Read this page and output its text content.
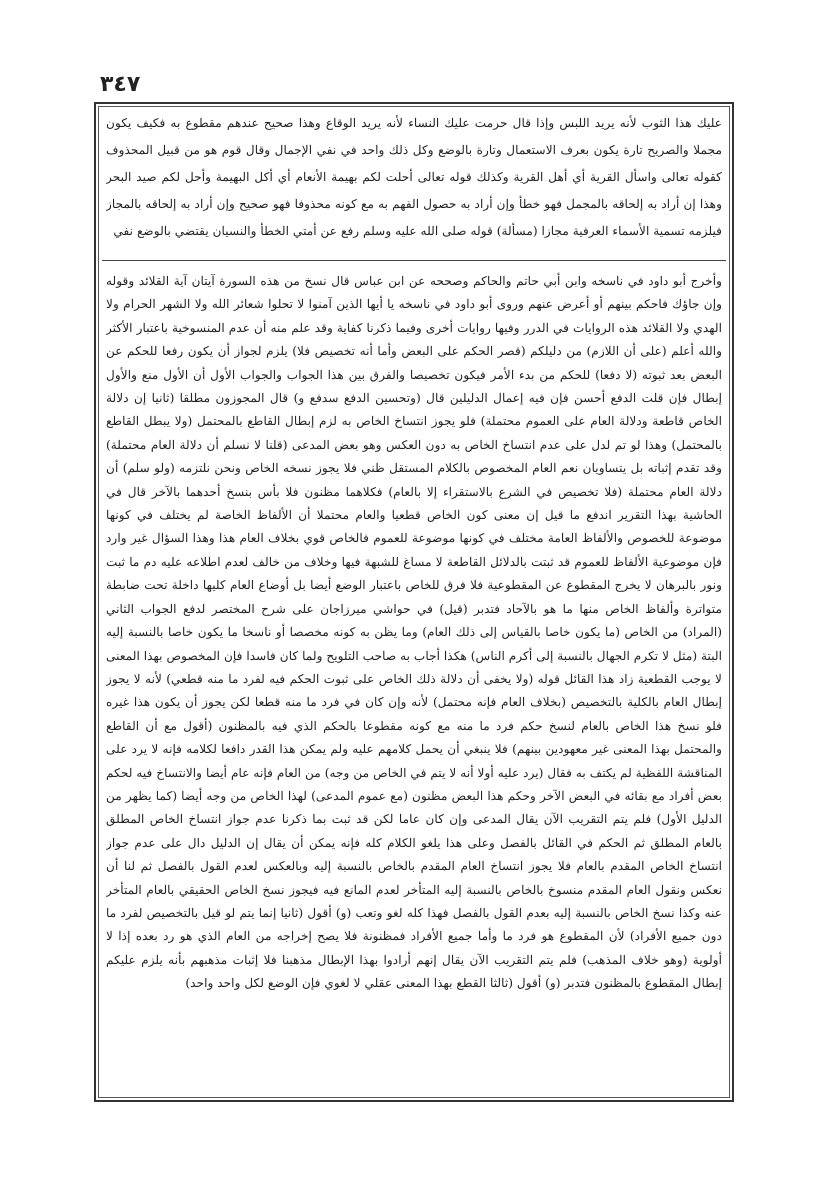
٣٤٧

عليك هذا الثوب لأنه يريد اللبس وإذا قال حرمت عليك النساء لأنه يريد الوقاع وهذا صحيح عندهم مقطوع به فكيف يكون مجملا والصريح تارة يكون بعرف الاستعمال وتارة بالوضع وكل ذلك واحد في نفي الإجمال وقال قوم هو من قبيل المحذوف كقوله تعالى واسأل القرية أي أهل القرية وكذلك قوله تعالى أحلت لكم بهيمة الأنعام أي أكل البهيمة وأحل لكم صيد البحر وهذا إن أراد به إلحاقه بالمجمل فهو خطأ وإن أراد به حصول الفهم به مع كونه محذوفا فهو صحيح وإن أراد به إلحاقه بالمجاز فيلزمه تسمية الأسماء العرفية مجازا (مسألة) قوله صلى الله عليه وسلم رفع عن أمتي الخطأ والنسيان يقتضي بالوضع نفي

وأخرج أبو داود في ناسخه وابن أبي حاتم والحاكم وصححه عن ابن عباس قال نسخ من هذه السورة آيتان آية القلائد وقوله وإن جاؤك فاحكم بينهم أو أعرض عنهم وروى أبو داود في ناسخه يا أيها الذين آمنوا لا تحلوا شعائر الله ولا الشهر الحرام ولا الهدي ولا القلائد هذه الروايات في الدرر وفيها روايات أخرى وفيما ذكرنا كفاية وقد علم منه أن عدم المنسوخية باعتبار الأكثر والله أعلم (على أن اللازم) من دليلكم (قصر الحكم على البعض وأما أنه تخصيص فلا) يلزم لجواز أن يكون رفعا للحكم عن البعض بعد ثبوته (لا دفعا) للحكم من بدء الأمر فيكون تخصيصا والفرق بين هذا الجواب والجواب الأول أن الأول منع والأول إبطال فإن قلت الدفع أحسن فإن فيه إعمال الدليلين قال (وتحسين الدفع سدفع و) قال المجوزون مطلقا (ثانيا إن دلالة الخاص قاطعة ودلالة العام على العموم محتملة) فلو يجوز انتساخ الخاص به لزم إبطال القاطع بالمحتمل (ولا يبطل القاطع بالمحتمل) وهذا لو تم لدل على عدم انتساخ الخاص به دون العكس وهو بعض المدعى (قلنا لا نسلم أن دلالة العام محتملة) وقد تقدم إثباته بل يتساويان نعم العام المخصوص بالكلام المستقل ظني فلا يجوز نسخه الخاص ونحن نلتزمه (ولو سلم) أن دلالة العام محتملة (فلا تخصيص في الشرع بالاستقراء إلا بالعام) فكلاهما مظنون فلا بأس بنسخ أحدهما بالآخر قال في الحاشية بهذا التقرير اندفع ما قيل إن معنى كون الخاص قطعيا والعام محتملا أن الألفاظ الخاصة لم يختلف في كونها موضوعة للخصوص والألفاظ العامة مختلف في كونها موضوعة للعموم فالخاص قوي بخلاف العام هذا وهذا السؤال غير وارد فإن موضوعية الألفاظ للعموم قد ثبتت بالدلائل القاطعة لا مساغ للشبهة فيها وخلاف من خالف لعدم اطلاعه عليه دم ما ثبت ونور بالبرهان لا يخرج المقطوع عن المقطوعية فلا فرق للخاص باعتبار الوضع أيضا بل أوضاع العام كليها داخلة تحت ضابطة متواترة وألفاظ الخاص منها ما هو بالآحاد فتدبر (قيل) في حواشي ميرزاجان على شرح المختصر لدفع الجواب الثاني (المراد) من الخاص (ما يكون خاصا بالقياس إلى ذلك العام) وما يظن به كونه مخصصا أو ناسخا ما يكون خاصا بالنسبة إليه البتة (مثل لا تكرم الجهال بالنسبة إلى أكرم الناس) هكذا أجاب به صاحب التلويح ولما كان فاسدا فإن المخصوص بهذا المعنى لا يوجب القطعية زاد هذا القائل قوله (ولا يخفى أن دلالة ذلك الخاص على ثبوت الحكم فيه لفرد ما منه قطعي) لأنه لا يجوز إبطال العام بالكلية بالتخصيص (بخلاف العام فإنه محتمل) لأنه وإن كان في فرد ما منه قطعا لكن يجوز أن يكون هذا غيره فلو نسخ هذا الخاص بالعام لنسخ حكم فرد ما منه مع كونه مقطوعا بالحكم الذي فيه بالمظنون (أقول مع أن القاطع والمحتمل بهذا المعنى غير معهودين بينهم) فلا ينبغي أن يحمل كلامهم عليه ولم يمكن هذا القدر دافعا لكلامه فإنه لا يرد على المناقشة اللفظية لم يكتف به فقال (يرد عليه أولا أنه لا يتم في الخاص من وجه) من العام فإنه عام أيضا والانتساخ فيه لحكم بعض أفراد مع بقائه في البعض الآخر وحكم هذا البعض مظنون (مع عموم المدعى) لهذا الخاص من وجه أيضا (كما يظهر من الدليل الأول) فلم يتم التقريب الآن يقال المدعى وإن كان عاما لكن قد ثبت بما ذكرنا عدم جواز انتساخ الخاص المطلق بالعام المطلق ثم الحكم في القائل بالفصل وعلى هذا يلغو الكلام كله فإنه يمكن أن يقال إن الدليل دال على عدم جواز انتساخ الخاص المقدم بالعام فلا يجوز انتساخ العام المقدم بالخاص بالنسبة إليه وبالعكس لعدم القول بالفصل ثم لنا أن نعكس ونقول العام المقدم منسوخ بالخاص بالنسبة إليه المتأخر لعدم المانع فيه فيجوز نسخ الخاص الحقيقي بالعام المتأخر عنه وكذا نسخ الخاص بالنسبة إليه بعدم القول بالفصل فهذا كله لغو وتعب (و) أقول (ثانيا إنما يتم لو قيل بالتخصيص لفرد ما دون جميع الأفراد) لأن المقطوع هو فرد ما وأما جميع الأفراد فمظنونة فلا يصح إخراجه من العام الذي هو رد بعده إذا لا أولوية (وهو خلاف المذهب) فلم يتم التقريب الآن يقال إنهم أرادوا بهذا الإبطال مذهبنا فلا إثبات مذهبهم بأنه يلزم عليكم إبطال المقطوع بالمظنون فتدبر (و) أقول (ثالثا القطع بهذا المعنى عقلي لا لغوي فإن الوضع لكل واحد واحد)
